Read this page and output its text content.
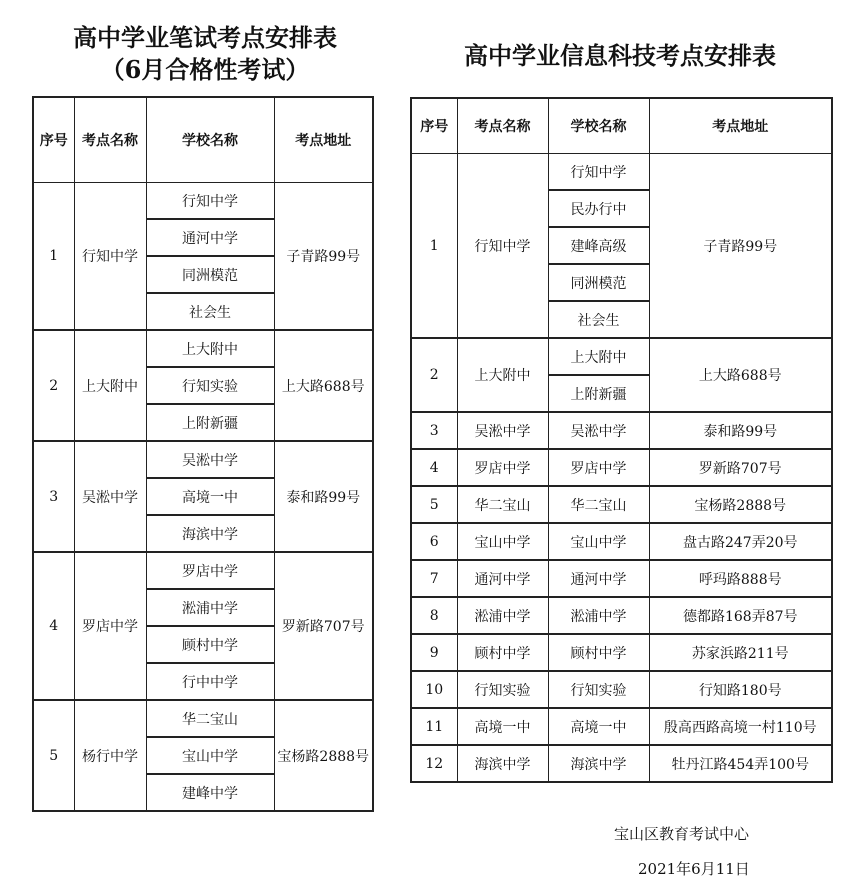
高中学业笔试考点安排表
（6月合格性考试）	高中学业信息科技考点安排表
序号	考点名称	学校名称	考点地址
1	行知中学	行知中学	子青路99号
		通河中学	
		同洲模范	
		社会生	
2	上大附中	上大附中	上大路688号
		行知实验	
		上附新疆	
3	吴淞中学	吴淞中学	泰和路99号
		高境一中	
		海滨中学	
4	罗店中学	罗店中学	罗新路707号
		淞浦中学	
		顾村中学	
		行中中学	
5	杨行中学	华二宝山	宝杨路2888号
		宝山中学	
		建峰中学	
序号	考点名称	学校名称	考点地址
1	行知中学	行知中学	子青路99号
		民办行中	
		建峰高级	
		同洲模范	
		社会生	
2	上大附中	上大附中	上大路688号
		上附新疆	
3	吴淞中学	吴淞中学	泰和路99号
4	罗店中学	罗店中学	罗新路707号
5	华二宝山	华二宝山	宝杨路2888号
6	宝山中学	宝山中学	盘古路247弄20号
7	通河中学	通河中学	呼玛路888号
8	淞浦中学	淞浦中学	德都路168弄87号
9	顾村中学	顾村中学	苏家浜路211号
10	行知实验	行知实验	行知路180号
11	高境一中	高境一中	殷高西路高境一村110号
12	海滨中学	海滨中学	牡丹江路454弄100号
宝山区教育考试中心
2021年6月11日
